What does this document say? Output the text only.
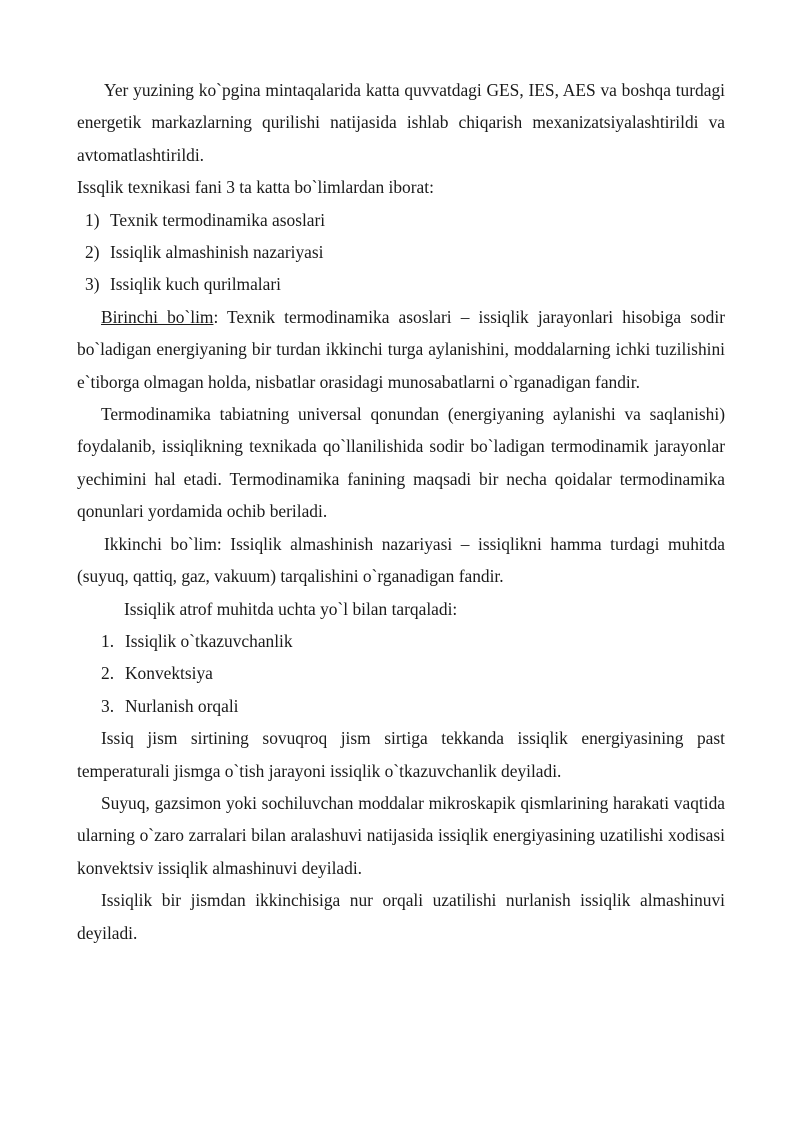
Yer yuzining ko`pgina mintaqalarida katta quvvatdagi GES, IES, AES va boshqa turdagi energetik markazlarning qurilishi natijasida ishlab chiqarish mexanizatsiyalashtirildi va avtomatlashtirildi.

Issqlik texnikasi fani 3 ta katta bo`limlardan iborat:

1) Texnik termodinamika asoslari
2) Issiqlik almashinish nazariyasi
3) Issiqlik kuch qurilmalari

Birinchi bo`lim: Texnik termodinamika asoslari – issiqlik jarayonlari hisobiga sodir bo`ladigan energiyaning bir turdan ikkinchi turga aylanishini, moddalarning ichki tuzilishini e`tiborga olmagan holda, nisbatlar orasidagi munosabatlarni o`rganadigan fandir.

Termodinamika tabiatning universal qonundan (energiyaning aylanishi va saqlanishi) foydalanib, issiqlikning texnikada qo`llanilishida sodir bo`ladigan termodinamik jarayonlar yechimini hal etadi. Termodinamika fanining maqsadi bir necha qoidalar termodinamika qonunlari yordamida ochib beriladi.

Ikkinchi bo`lim: Issiqlik almashinish nazariyasi – issiqlikni hamma turdagi muhitda (suyuq, qattiq, gaz, vakuum) tarqalishini o`rganadigan fandir.

Issiqlik atrof muhitda uchta yo`l bilan tarqaladi:

1. Issiqlik o`tkazuvchanlik
2. Konvektsiya
3. Nurlanish orqali

Issiq jism sirtining sovuqroq jism sirtiga tekkanda issiqlik energiyasining past temperaturali jismga o`tish jarayoni issiqlik o`tkazuvchanlik deyiladi.

Suyuq, gazsimon yoki sochiluvchan moddalar mikroskapik qismlarining harakati vaqtida ularning o`zaro zarralari bilan aralashuvi natijasida issiqlik energiyasining uzatilishi xodisasi konvektsiv issiqlik almashinuvi deyiladi.

Issiqlik bir jismdan ikkinchisiga nur orqali uzatilishi nurlanish issiqlik almashinuvi deyiladi.
